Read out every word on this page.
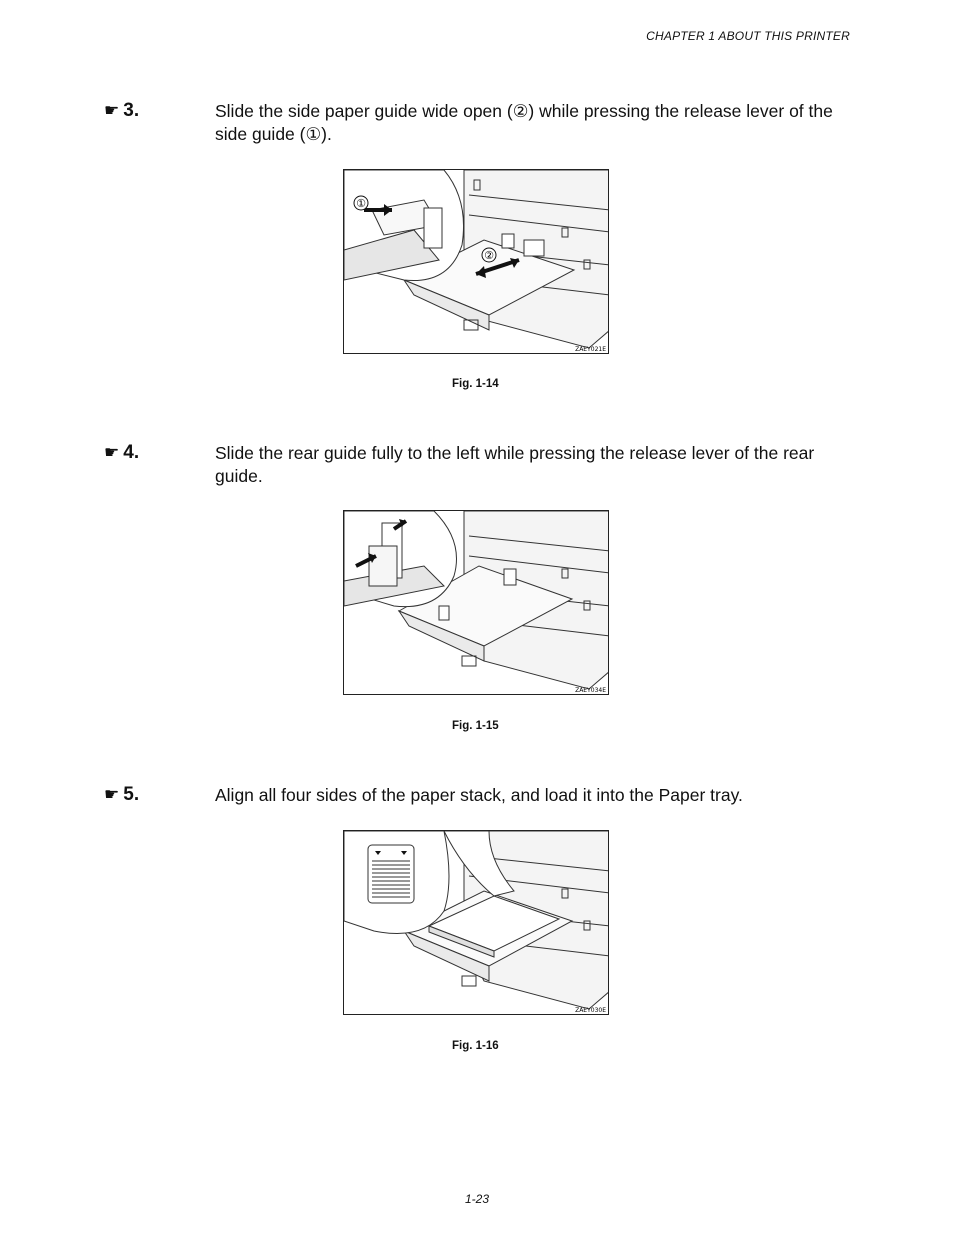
CHAPTER 1 ABOUT THIS PRINTER
☛ 3.	Slide the side paper guide wide open (②) while pressing the release lever of the side guide (①).
②
①
ZAEY021E
Fig. 1-14
☛ 4.	Slide the rear guide fully to the left while pressing the release lever of the rear guide.
ZAEY034E
Fig. 1-15
☛ 5.	Align all four sides of the paper stack, and load it into the Paper tray.
ZAEY030E
Fig. 1-16
1-23
